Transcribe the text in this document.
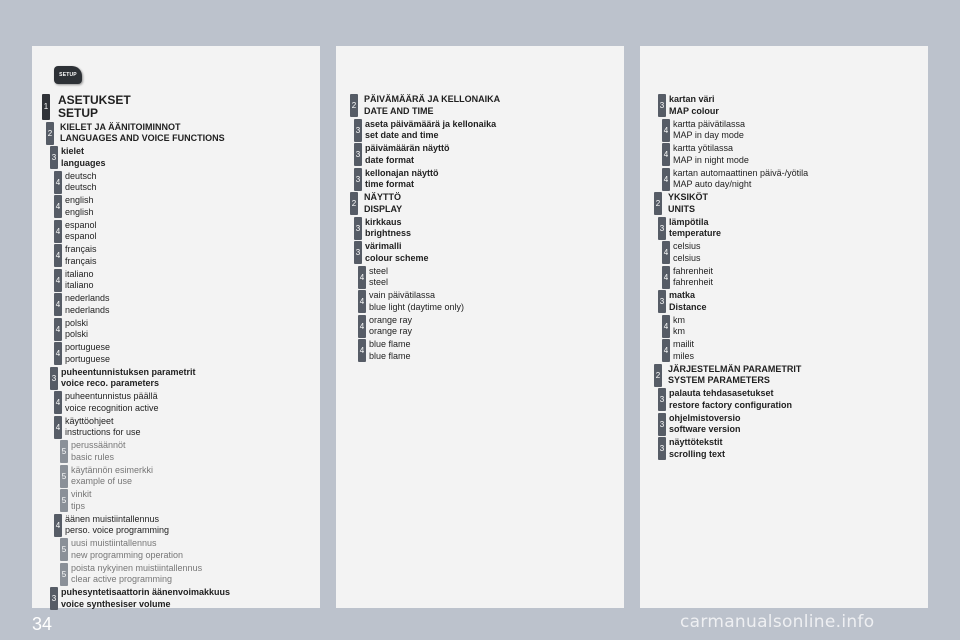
SETUP
1 ASETUKSET
SETUP
2
KIELET JA ÄÄNITOIMINNOT
LANGUAGES AND VOICE FUNCTIONS
3
kielet
languages
4
deutsch
deutsch
4
english
english
4
espanol
espanol
4
français
français
4
italiano
italiano
4
nederlands
nederlands
4
polski
polski
4
portuguese
portuguese
3
puheentunnistuksen parametrit
voice reco. parameters
4
puheentunnistus päällä
voice recognition active
4
käyttöohjeet
instructions for use
5
perussäännöt
basic rules
5
käytännön esimerkki
example of use
5
vinkit
tips
4
äänen muistiintallennus
perso. voice programming
5
uusi muistiintallennus
new programming operation
5
poista nykyinen muistiintallennus
clear active programming
3
puhesyntetisaattorin äänenvoimakkuus
voice synthesiser volume
2
PÄIVÄMÄÄRÄ JA KELLONAIKA
DATE AND TIME
3
aseta päivämäärä ja kellonaika
set date and time
3
päivämäärän näyttö
date format
3
kellonajan näyttö
time format
2
NÄYTTÖ
DISPLAY
3
kirkkaus
brightness
3
värimalli
colour scheme
4
steel
steel
4
vain päivätilassa
blue light (daytime only)
4
orange ray
orange ray
4
blue flame
blue flame
3
kartan väri
MAP colour
4
kartta päivätilassa
MAP in day mode
4
kartta yötilassa
MAP in night mode
4
kartan automaattinen päivä-/yötila
MAP auto day/night
2
YKSIKÖT
UNITS
3
lämpötila
temperature
4
celsius
celsius
4
fahrenheit
fahrenheit
3
matka
Distance
4
km
km
4
mailit
miles
2
JÄRJESTELMÄN PARAMETRIT
SYSTEM PARAMETERS
3
palauta tehdasasetukset
restore factory configuration
3
ohjelmistoversio
software version
3
näyttötekstit
scrolling text
34	carmanualsonline.info
